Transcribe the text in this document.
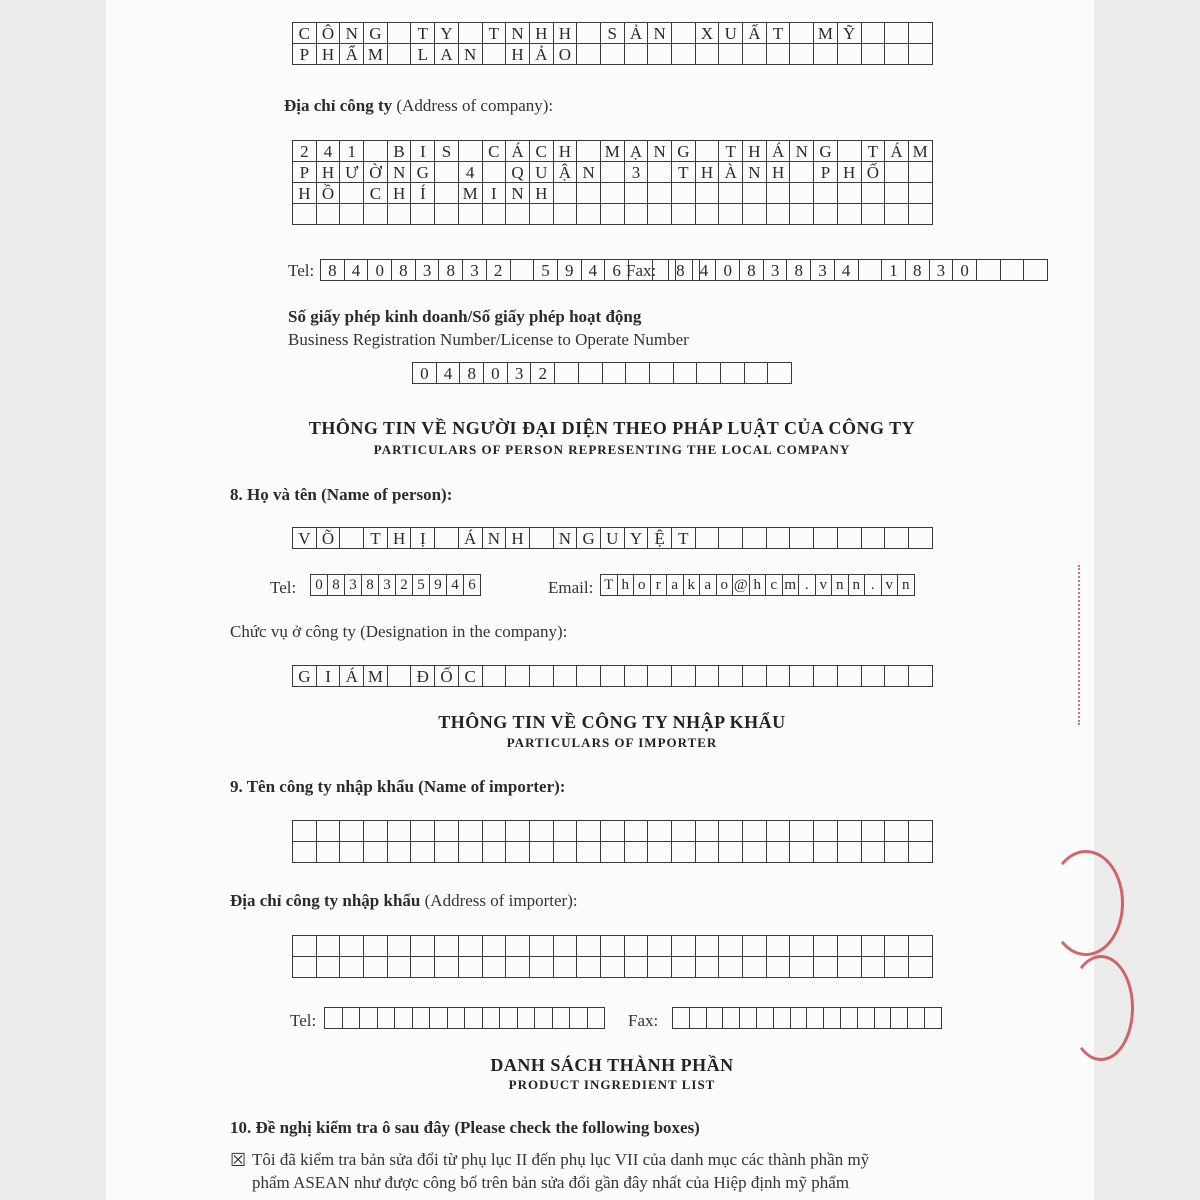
C Ô N G	T Y	T N H H	S Ả N	X U Ấ T	M Ỹ
P H Ẩ M	L A N	H Ả O
Địa chỉ công ty (Address of company):
2 4 1	B I S	C Á C H	M Ạ N G	T H Á N G	T Á M
P H Ư Ờ N G	4	Q U Ậ N	3	T H À N H	P H Ố
H Ồ	C H Í	M I N H
Tel: 8 4 0 8 3 8 3 2	5 9 4 6 Fax:	8 4 0 8 3 8 3 4	1 8 3 0
Số giấy phép kinh doanh/Số giấy phép hoạt động
Business Registration Number/License to Operate Number
0 4 8 0 3 2
THÔNG TIN VỀ NGƯỜI ĐẠI DIỆN THEO PHÁP LUẬT CỦA CÔNG TY
PARTICULARS OF PERSON REPRESENTING THE LOCAL COMPANY
8. Họ và tên (Name of person):
V Õ	T H Ị	Á N H	N G U Y Ệ T
Tel: 0 8 3 8 3 2 5 9 4 6	Email: T h o r a k a o @ h c m . v n n . v n
Chức vụ ở công ty (Designation in the company):
G I Á M	Đ Ố C
THÔNG TIN VỀ CÔNG TY NHẬP KHẨU
PARTICULARS OF IMPORTER
9. Tên công ty nhập khẩu (Name of importer):
Địa chỉ công ty nhập khẩu (Address of importer):
Tel:	Fax:
DANH SÁCH THÀNH PHẦN
PRODUCT INGREDIENT LIST
10. Đề nghị kiểm tra ô sau đây (Please check the following boxes)
☒ Tôi đã kiểm tra bản sửa đổi từ phụ lục II đến phụ lục VII của danh mục các thành phần mỹ
phẩm ASEAN như được công bố trên bản sửa đổi gần đây nhất của Hiệp định mỹ phẩm
